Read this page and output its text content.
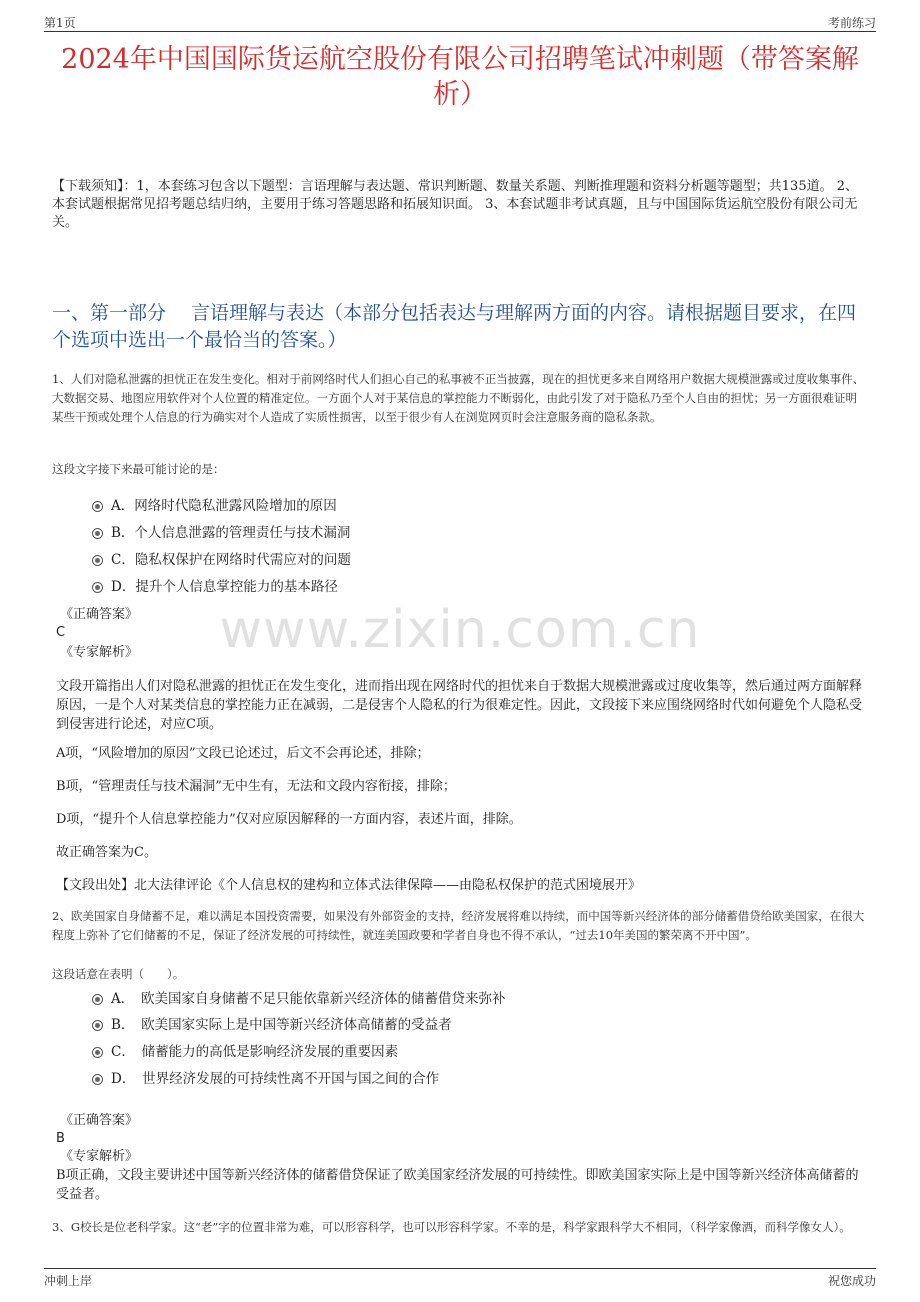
第1页	考前练习
2024年中国国际货运航空股份有限公司招聘笔试冲刺题（带答案解析）
【下载须知】：1，本套练习包含以下题型：言语理解与表达题、常识判断题、数量关系题、判断推理题和资料分析题等题型；共135道。 2、本套试题根据常见招考题总结归纳，主要用于练习答题思路和拓展知识面。 3、本套试题非考试真题，且与中国国际货运航空股份有限公司无关。
一、第一部分　 言语理解与表达（本部分包括表达与理解两方面的内容。请根据题目要求，在四个选项中选出一个最恰当的答案。）
1、人们对隐私泄露的担忧正在发生变化。相对于前网络时代人们担心自己的私事被不正当披露，现在的担忧更多来自网络用户数据大规模泄露或过度收集事件、大数据交易、地图应用软件对个人位置的精准定位。一方面个人对于某信息的掌控能力不断弱化，由此引发了对于隐私乃至个人自由的担忧；另一方面很难证明某些干预或处理个人信息的行为确实对个人造成了实质性损害，以至于很少有人在浏览网页时会注意服务商的隐私条款。
这段文字接下来最可能讨论的是：
A．网络时代隐私泄露风险增加的原因
B．个人信息泄露的管理责任与技术漏洞
C．隐私权保护在网络时代需应对的问题
D．提升个人信息掌控能力的基本路径
《正确答案》
C
《专家解析》	www.zixin.com.cn
文段开篇指出人们对隐私泄露的担忧正在发生变化，进而指出现在网络时代的担忧来自于数据大规模泄露或过度收集等，然后通过两方面解释原因，一是个人对某类信息的掌控能力正在减弱，二是侵害个人隐私的行为很难定性。因此，文段接下来应围绕网络时代如何避免个人隐私受到侵害进行论述，对应C项。
A项，“风险增加的原因”文段已论述过，后文不会再论述，排除；
B项，“管理责任与技术漏洞”无中生有，无法和文段内容衔接，排除；
D项，“提升个人信息掌控能力”仅对应原因解释的一方面内容，表述片面，排除。
故正确答案为C。
【文段出处】北大法律评论《个人信息权的建构和立体式法律保障——由隐私权保护的范式困境展开》
2、欧美国家自身储蓄不足，难以满足本国投资需要，如果没有外部资金的支持，经济发展将难以持续，而中国等新兴经济体的部分储蓄借贷给欧美国家，在很大程度上弥补了它们储蓄的不足，保证了经济发展的可持续性，就连美国政要和学者自身也不得不承认，“过去10年美国的繁荣离不开中国”。
这段话意在表明（　　）。
A．　欧美国家自身储蓄不足只能依靠新兴经济体的储蓄借贷来弥补
B．　欧美国家实际上是中国等新兴经济体高储蓄的受益者
C．　储蓄能力的高低是影响经济发展的重要因素
D．　世界经济发展的可持续性离不开国与国之间的合作
《正确答案》
B
《专家解析》
B项正确，文段主要讲述中国等新兴经济体的储蓄借贷保证了欧美国家经济发展的可持续性。即欧美国家实际上是中国等新兴经济体高储蓄的受益者。
3、G校长是位老科学家。这“老”字的位置非常为难，可以形容科学，也可以形容科学家。不幸的是，科学家跟科学大不相同，（科学家像酒，而科学像女人）。
冲刺上岸	祝您成功
